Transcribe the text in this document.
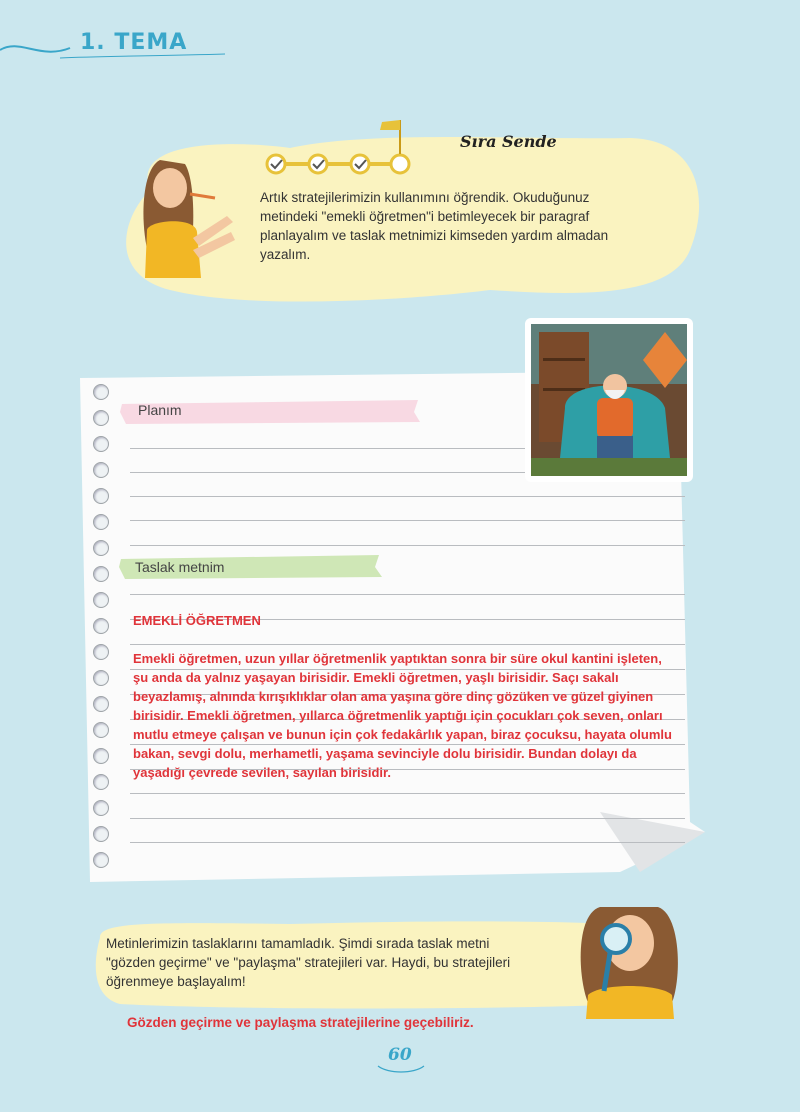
1. TEMA
Sıra Sende
Artık stratejilerimizin kullanımını öğrendik. Okuduğunuz metindeki "emekli öğretmen"i betimleyecek bir paragraf planlayalım ve taslak metnimizi kimseden yardım almadan yazalım.
Planım
Taslak metnim
EMEKLİ ÖĞRETMEN
Emekli öğretmen, uzun yıllar öğretmenlik yaptıktan sonra bir süre okul kantini işleten, şu anda da yalnız yaşayan birisidir. Emekli öğretmen, yaşlı birisidir. Saçı sakalı beyazlamış, alnında kırışıklıklar olan ama yaşına göre dinç gözüken ve güzel giyinen birisidir. Emekli öğretmen, yıllarca öğretmenlik yaptığı için çocukları çok seven, onları mutlu etmeye çalışan ve bunun için çok fedakârlık yapan, biraz çocuksu, hayata olumlu bakan, sevgi dolu, merhametli, yaşama sevinciyle dolu birisidir. Bundan dolayı da yaşadığı çevrede sevilen, sayılan birisidir.
Metinlerimizin taslaklarını tamamladık. Şimdi sırada taslak metni "gözden geçirme" ve "paylaşma" stratejileri var. Haydi, bu stratejileri öğrenmeye başlayalım!
Gözden geçirme ve paylaşma stratejilerine geçebiliriz.
60
